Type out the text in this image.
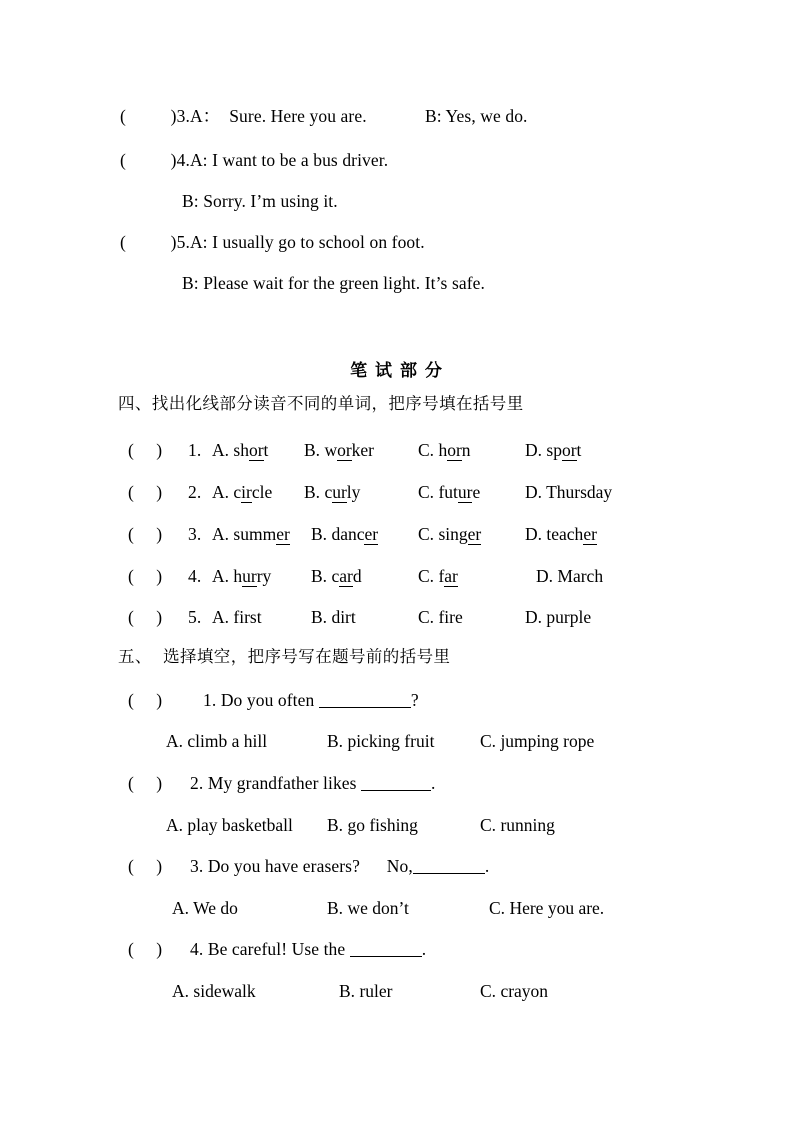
(          )3.A：  Sure. Here you are.	B: Yes, we do.
(          )4.A: I want to be a bus driver.
B: Sorry. I’m using it.
(          )5.A: I usually go to school on foot.
B: Please wait for the green light. It’s safe.
笔 试 部 分
四、找出化线部分读音不同的单词，把序号填在括号里
(     ) 1. A. short B. worker	C. horn	D. sport
(     ) 2. A. circle B. curly	C. future	D. Thursday
(     ) 3. A. summer B. dancer C. singer	D. teacher
(     ) 4. A. hurry B. card	C. far	D. March
(     ) 5. A. first	B. dirt	C. fire	D. purple
五、  选择填空，把序号写在题号前的括号里
(     ) 1. Do you often	?
A. climb a hill	B. picking fruit	C. jumping rope
(     ) 2. My grandfather likes	.
A. play basketball B. go fishing	C. running
(     ) 3. Do you have erasers?      No,	.
A. We do	B. we don’t	C. Here you are.
(     ) 4. Be careful! Use the	.
A. sidewalk	B. ruler	C. crayon
